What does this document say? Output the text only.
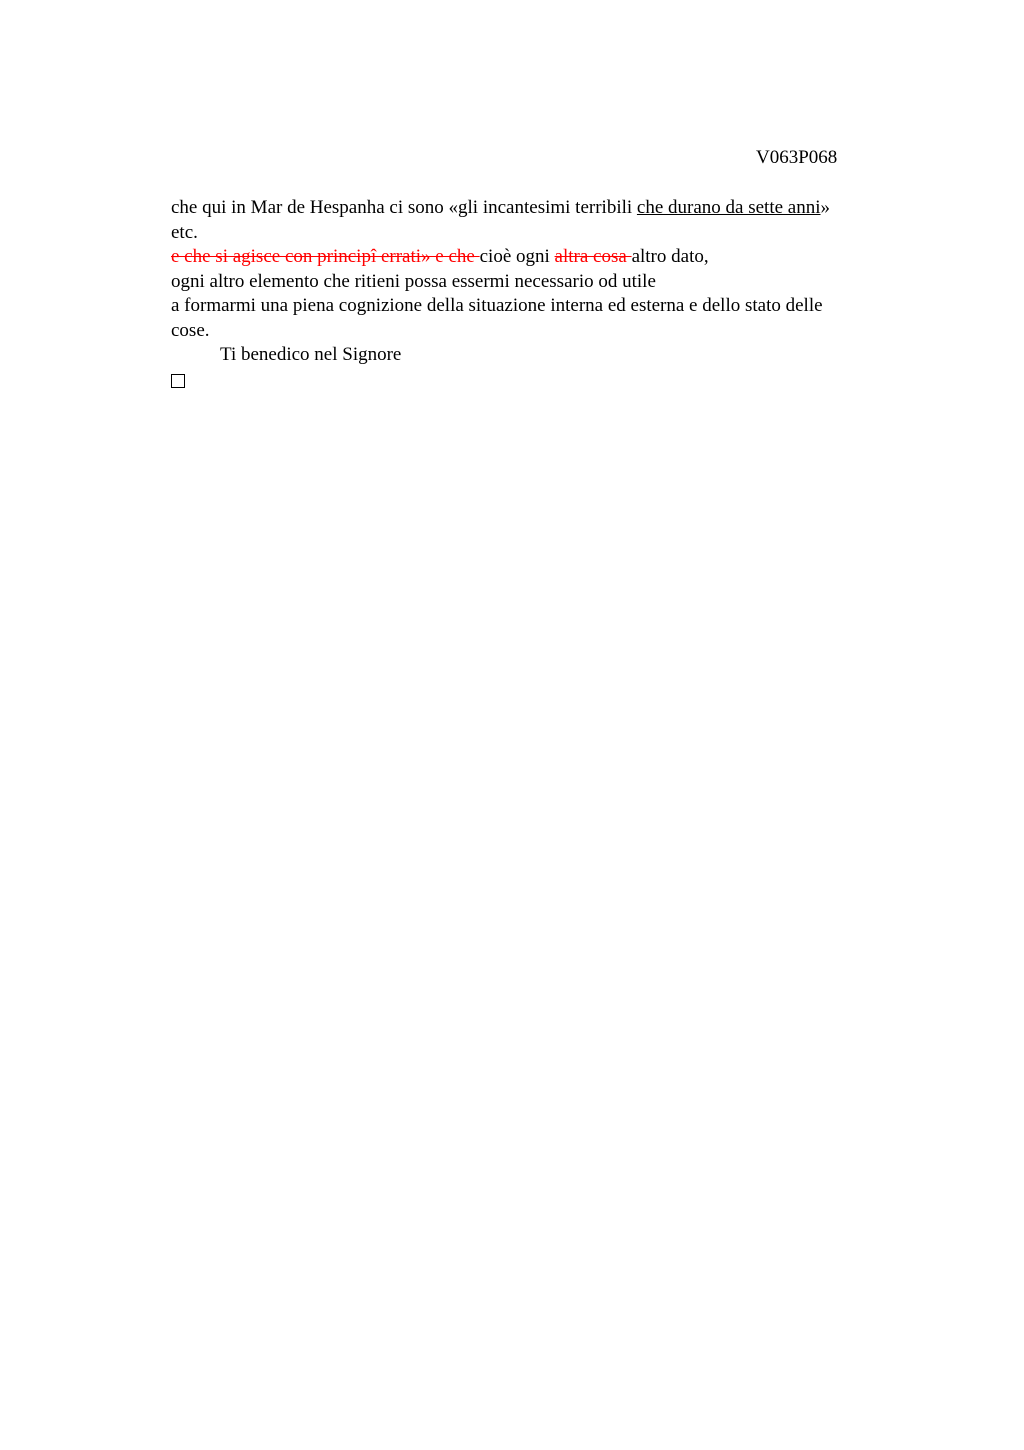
V063P068
che qui in Mar de Hespanha ci sono «gli incantesimi terribili che durano da sette anni»
etc.
e che si agisce con principî errati» e che cioè ogni altra cosa altro dato,
ogni altro elemento che ritieni possa essermi necessario od utile
a formarmi una piena cognizione della situazione interna ed esterna e dello stato delle
cose.
Ti benedico nel Signore
